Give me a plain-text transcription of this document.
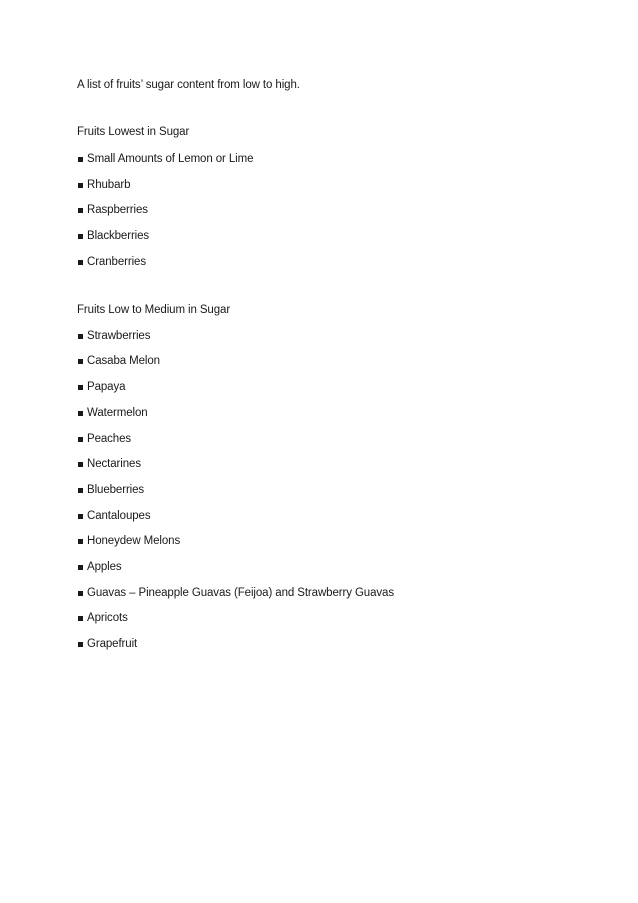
A list of fruits’ sugar content from low to high.
Fruits Lowest in Sugar
Small Amounts of Lemon or Lime
Rhubarb
Raspberries
Blackberries
Cranberries
Fruits Low to Medium in Sugar
Strawberries
Casaba Melon
Papaya
Watermelon
Peaches
Nectarines
Blueberries
Cantaloupes
Honeydew Melons
Apples
Guavas – Pineapple Guavas (Feijoa) and Strawberry Guavas
Apricots
Grapefruit
